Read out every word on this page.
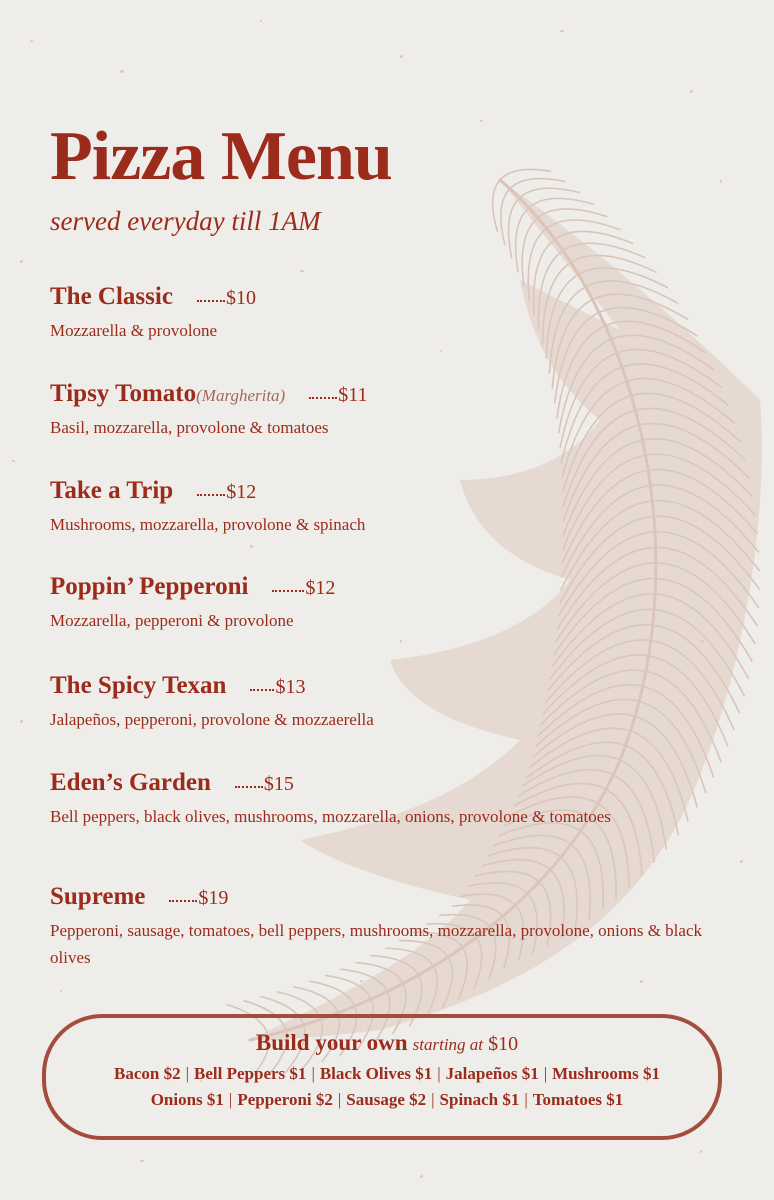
Pizza Menu
served everyday till 1AM
The Classic	$10
Mozzarella & provolone
Tipsy Tomato(Margherita)	$11
Basil, mozzarella, provolone & tomatoes
Take a Trip	$12
Mushrooms, mozzarella, provolone & spinach
Poppin’ Pepperoni	$12
Mozzarella, pepperoni & provolone
The Spicy Texan $13
Jalapeños, pepperoni, provolone & mozzaerella
Eden’s Garden	$15
Bell peppers, black olives, mushrooms, mozzarella, onions, provolone & tomatoes
Supreme	$19
Pepperoni, sausage, tomatoes, bell peppers, mushrooms, mozzarella, provolone, onions & black olives
Build your own starting at $10
Bacon $2 | Bell Peppers $1 | Black Olives $1 | Jalapeños $1 | Mushrooms $1
Onions $1 | Pepperoni $2 | Sausage $2 | Spinach $1 | Tomatoes $1
